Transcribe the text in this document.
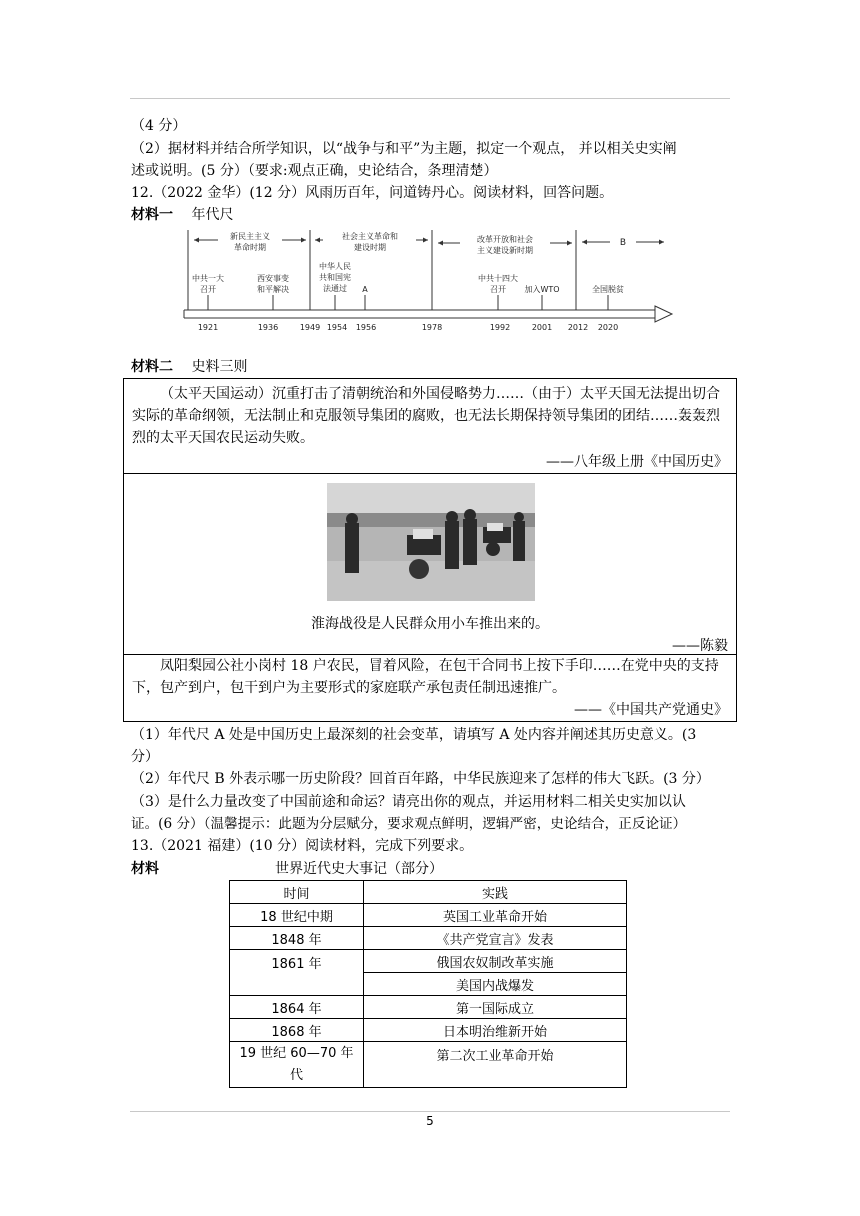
（4 分）
（2）据材料并结合所学知识，以“战争与和平”为主题，拟定一个观点， 并以相关史实阐
述或说明。(5 分）（要求:观点正确，史论结合，条理清楚）
12.（2022 金华）(12 分）风雨历百年，问道铸丹心。阅读材料，回答问题。
材料一 年代尺
新民主主义
革命时期
社会主义革命和
建设时期
改革开放和社会
主义建设新时期
B
中共一大
召开
西安事变
和平解决
中华人民
共和国宪
法通过 A
中共十四大
召开 加入WTO	全国脱贫
1921	1936	1949 1954 1956	1978	1992	2001 2012 2020
材料二 史料三则

（太平天国运动）沉重打击了清朝统治和外国侵略势力……（由于）太平天国无法提出切合实际的革命纲领，无法制止和克服领导集团的腐败，也无法长期保持领导集团的团结……轰轰烈烈的太平天国农民运动失败。

——八年级上册《中国历史》

淮海战役是人民群众用小车推出来的。

——陈毅

凤阳梨园公社小岗村 18 户农民，冒着风险，在包干合同书上按下手印……在党中央的支持下，包产到户，包干到户为主要形式的家庭联产承包责任制迅速推广。

——《中国共产党通史》

（1）年代尺 A 处是中国历史上最深刻的社会变革，请填写 A 处内容并阐述其历史意义。(3
分）
（2）年代尺 B 外表示哪一历史阶段？回首百年路，中华民族迎来了怎样的伟大飞跃。(3 分）
（3）是什么力量改变了中国前途和命运？请亮出你的观点，并运用材料二相关史实加以认
证。(6 分）（温馨提示：此题为分层赋分，要求观点鲜明，逻辑严密，史论结合，正反论证）
13.（2021 福建）(10 分）阅读材料，完成下列要求。
材料	世界近代史大事记（部分）
时间	实践
18 世纪中期	英国工业革命开始
1848 年	《共产党宣言》发表
1861 年	俄国农奴制改革实施
	美国内战爆发
1864 年	第一国际成立
1868 年	日本明治维新开始
19 世纪 60—70 年代	第二次工业革命开始
5
